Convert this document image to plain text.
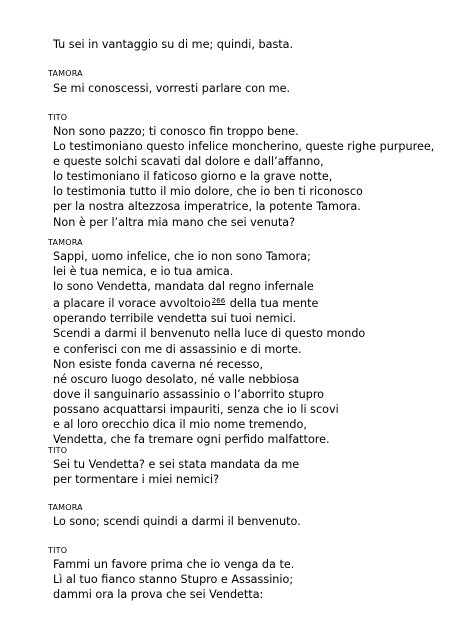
Tu sei in vantaggio su di me; quindi, basta.
TAMORA
Se mi conoscessi, vorresti parlare con me.
TITO
Non sono pazzo; ti conosco fin troppo bene.
Lo testimoniano questo infelice moncherino, queste righe purpuree,
e queste solchi scavati dal dolore e dall’affanno,
lo testimoniano il faticoso giorno e la grave notte,
lo testimonia tutto il mio dolore, che io ben ti riconosco
per la nostra altezzosa imperatrice, la potente Tamora.
Non è per l’altra mia mano che sei venuta?
TAMORA
Sappi, uomo infelice, che io non sono Tamora;
lei è tua nemica, e io tua amica.
Io sono Vendetta, mandata dal regno infernale
a placare il vorace avvoltoio$^{266}$ della tua mente
operando terribile vendetta sui tuoi nemici.
Scendi a darmi il benvenuto nella luce di questo mondo
e conferisci con me di assassinio e di morte.
Non esiste fonda caverna né recesso,
né oscuro luogo desolato, né valle nebbiosa
dove il sanguinario assassinio o l’aborrito stupro
possano acquattarsi impauriti, senza che io li scovi
e al loro orecchio dica il mio nome tremendo,
Vendetta, che fa tremare ogni perfido malfattore.
TITO
Sei tu Vendetta? e sei stata mandata da me
per tormentare i miei nemici?
TAMORA
Lo sono; scendi quindi a darmi il benvenuto.
TITO
Fammi un favore prima che io venga da te.
Lì al tuo fianco stanno Stupro e Assassinio;
dammi ora la prova che sei Vendetta:
